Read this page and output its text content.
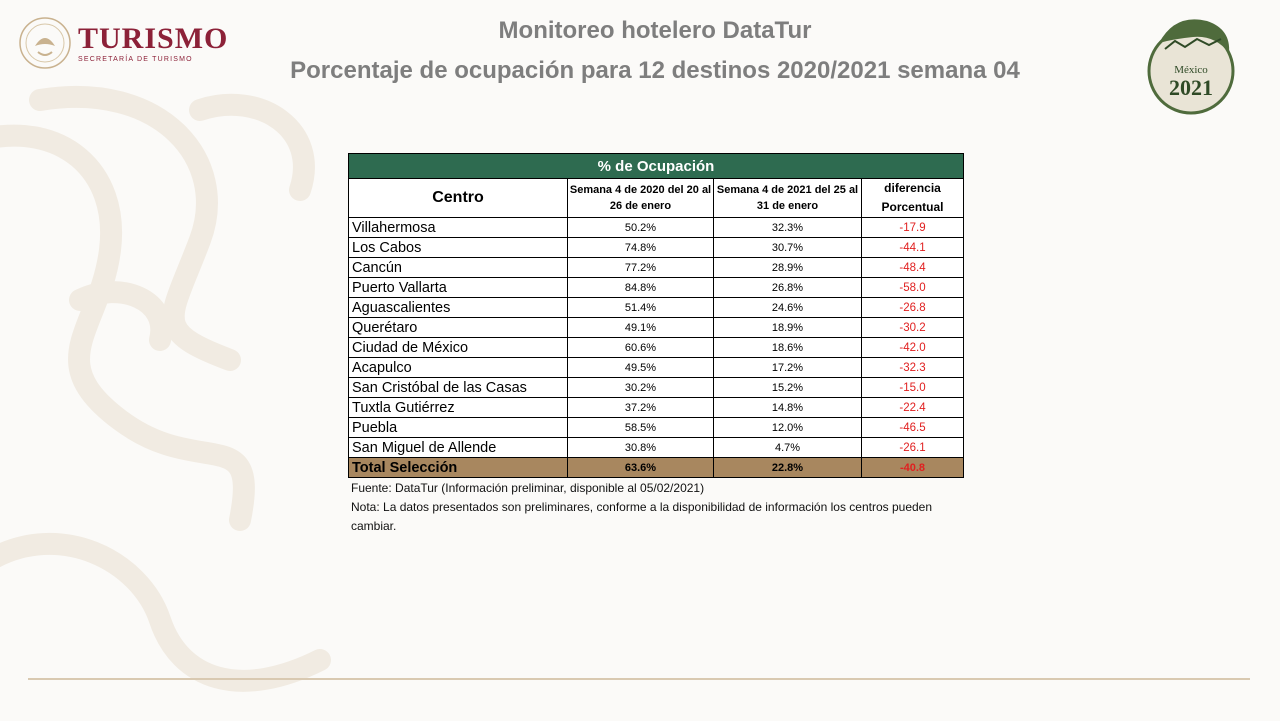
TURISMO
SECRETARÍA DE TURISMO
Monitoreo hotelero DataTur
Porcentaje de ocupación para 12 destinos 2020/2021 semana 04	México
2021
% de Ocupación			
Centro	Semana 4 de 2020 del 20 al 26 de enero	Semana 4 de 2021 del 25 al 31 de enero	diferencia Porcentual
Villahermosa	50.2%	32.3%	-17.9
Los Cabos	74.8%	30.7%	-44.1
Cancún	77.2%	28.9%	-48.4
Puerto Vallarta	84.8%	26.8%	-58.0
Aguascalientes	51.4%	24.6%	-26.8
Querétaro	49.1%	18.9%	-30.2
Ciudad de México	60.6%	18.6%	-42.0
Acapulco	49.5%	17.2%	-32.3
San Cristóbal de las Casas	30.2%	15.2%	-15.0
Tuxtla Gutiérrez	37.2%	14.8%	-22.4
Puebla	58.5%	12.0%	-46.5
San Miguel de Allende	30.8%	4.7%	-26.1
Total Selección	63.6%	22.8%	-40.8
Fuente: DataTur (Información preliminar, disponible al 05/02/2021)
Nota: La datos presentados son preliminares, conforme a la disponibilidad de información los centros pueden cambiar.
